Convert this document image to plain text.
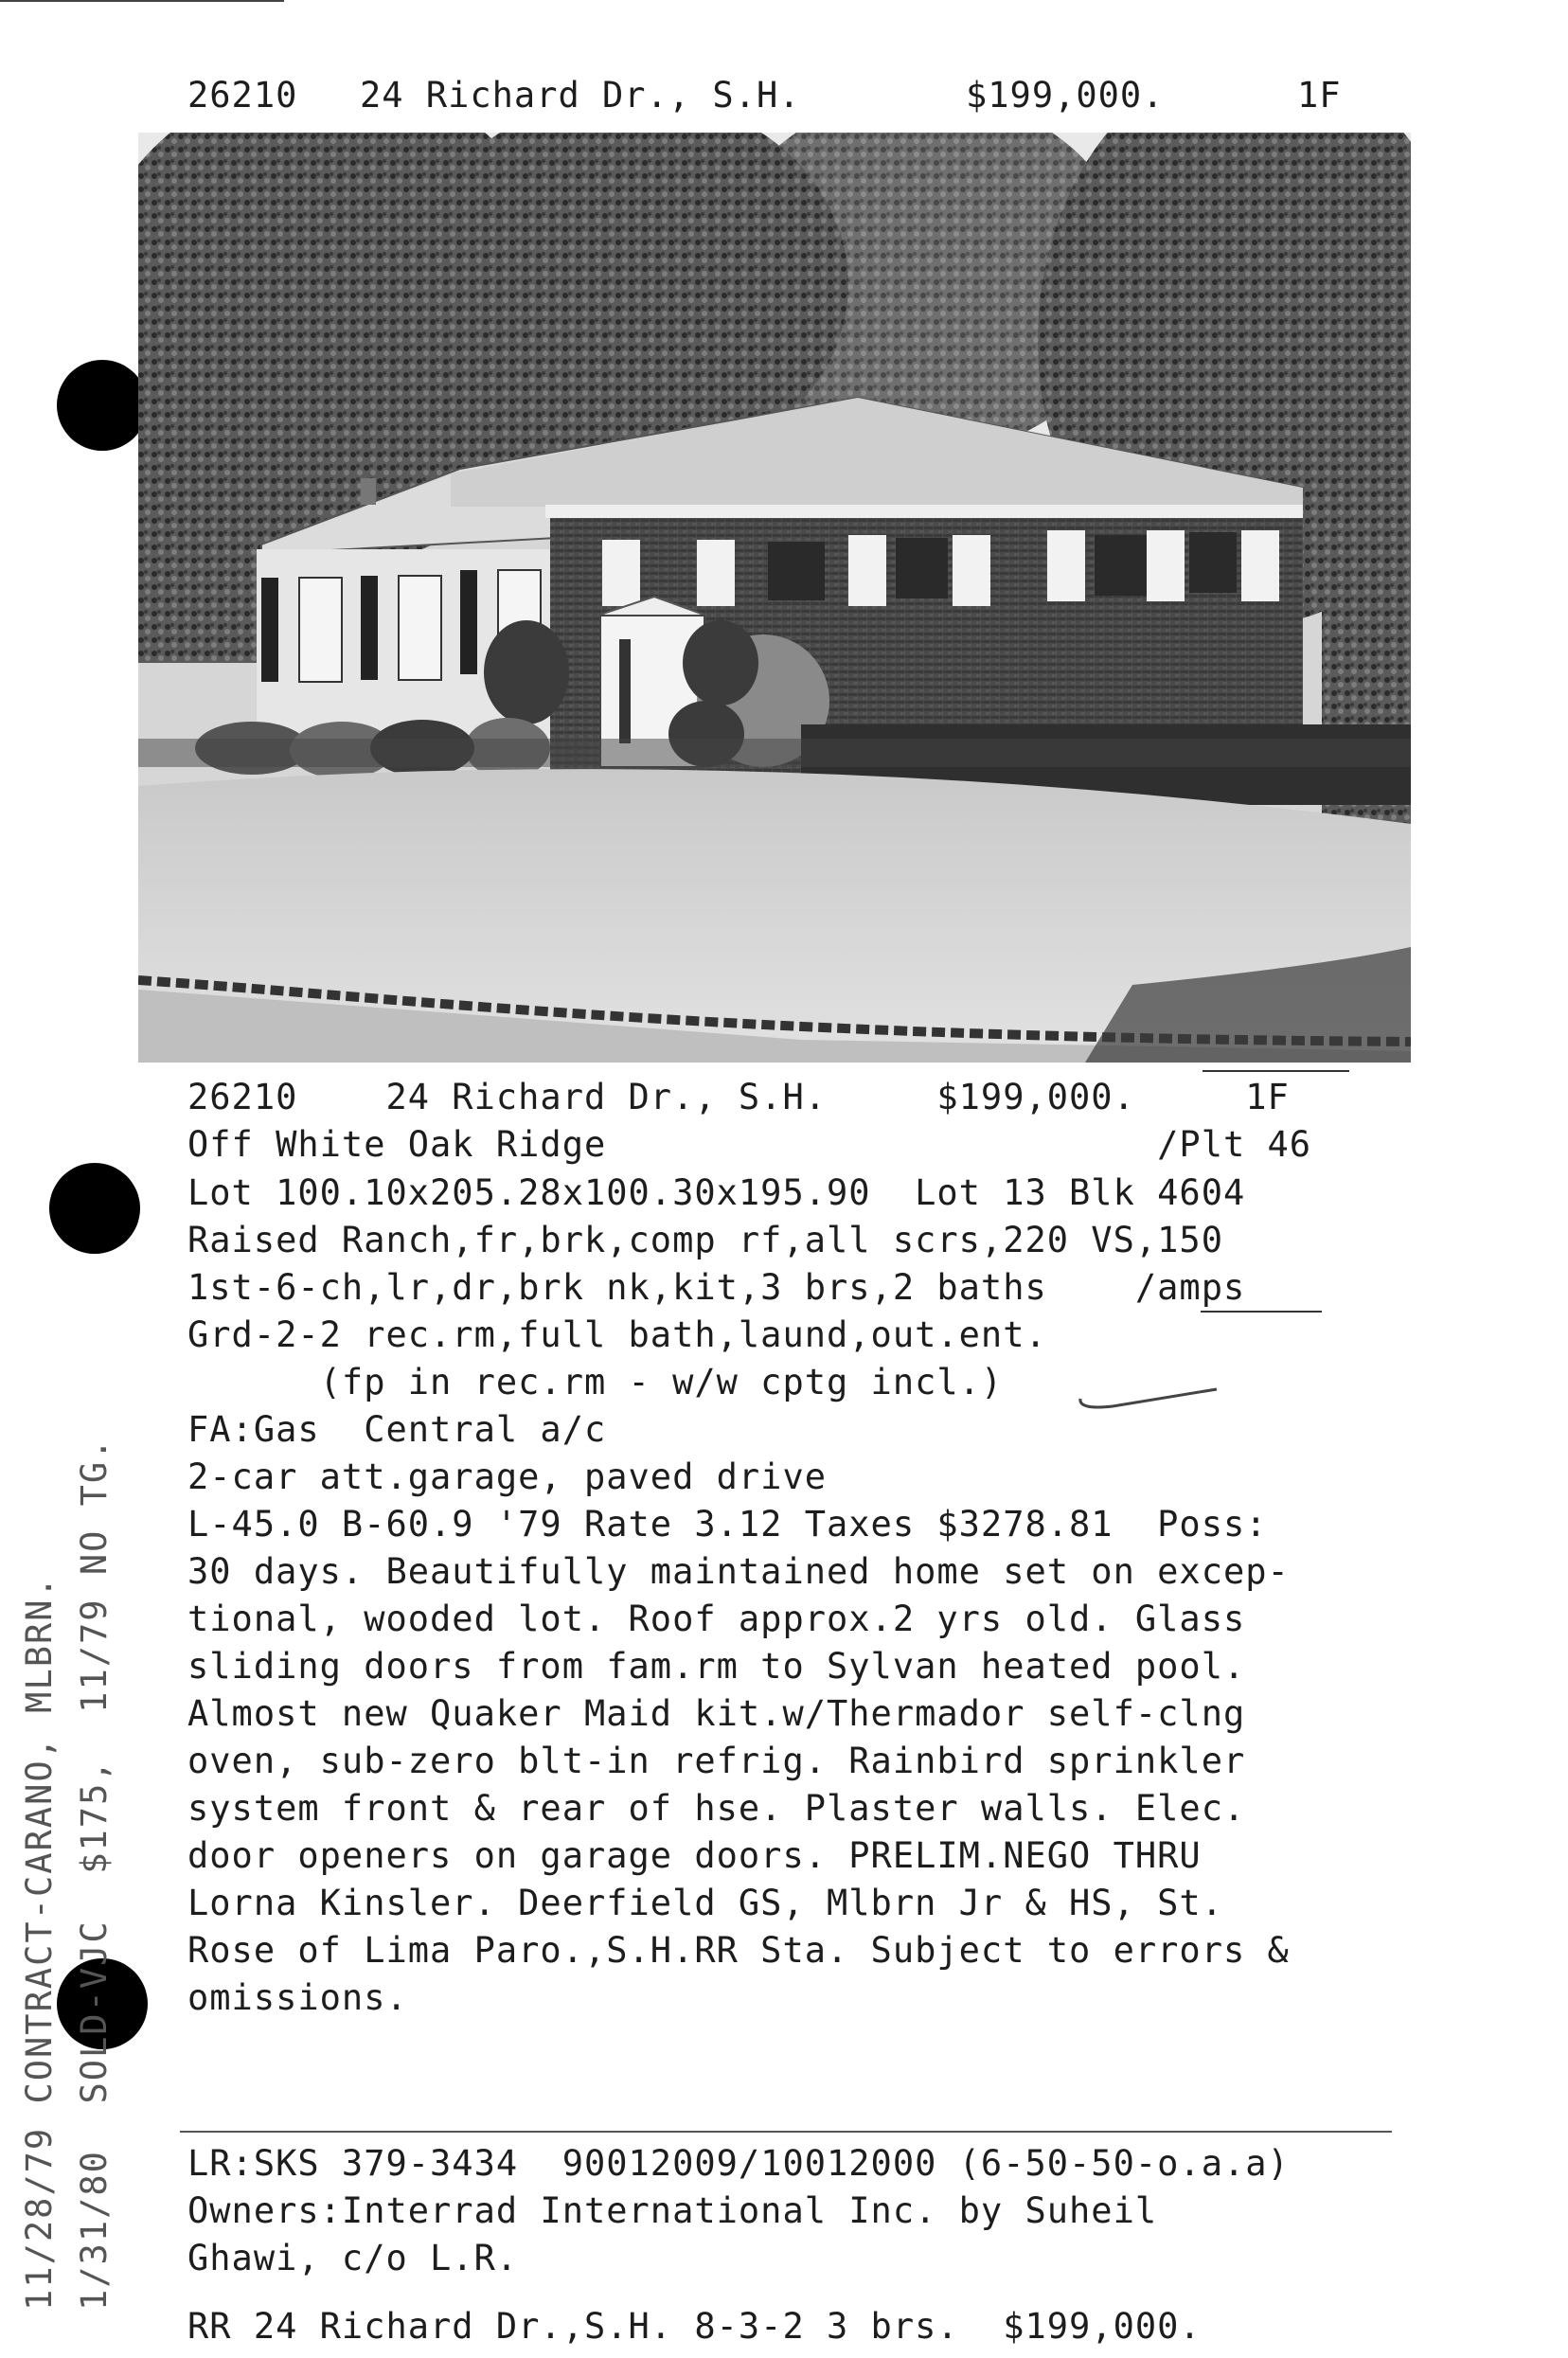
26210 24 Richard Dr., S.H.	$199,000.	1F
26210    24 Richard Dr., S.H.     $199,000.     1F
Off White Oak Ridge                         /Plt 46
Lot 100.10x205.28x100.30x195.90  Lot 13 Blk 4604
Raised Ranch,fr,brk,comp rf,all scrs,220 VS,150
1st-6-ch,lr,dr,brk nk,kit,3 brs,2 baths    /amps
Grd-2-2 rec.rm,full bath,laund,out.ent.
(fp in rec.rm - w/w cptg incl.)
FA:Gas  Central a/c
2-car att.garage, paved drive
L-45.0 B-60.9 '79 Rate 3.12 Taxes $3278.81  Poss:
30 days. Beautifully maintained home set on excep-
tional, wooded lot. Roof approx.2 yrs old. Glass
sliding doors from fam.rm to Sylvan heated pool.
Almost new Quaker Maid kit.w/Thermador self-clng
oven, sub-zero blt-in refrig. Rainbird sprinkler
system front & rear of hse. Plaster walls. Elec.
door openers on garage doors. PRELIM.NEGO THRU
Lorna Kinsler. Deerfield GS, Mlbrn Jr & HS, St.
Rose of Lima Paro.,S.H.RR Sta. Subject to errors &
omissions.
LR:SKS 379-3434  90012009/10012000 (6-50-50-o.a.a)
Owners:Interrad International Inc. by Suheil
Ghawi, c/o L.R.
RR 24 Richard Dr.,S.H. 8-3-2 3 brs.  $199,000.
11/28/79 CONTRACT-CARANO, MLBRN. 1/31/80  SOLD-VJC  $175,  11/79 NO TG.
